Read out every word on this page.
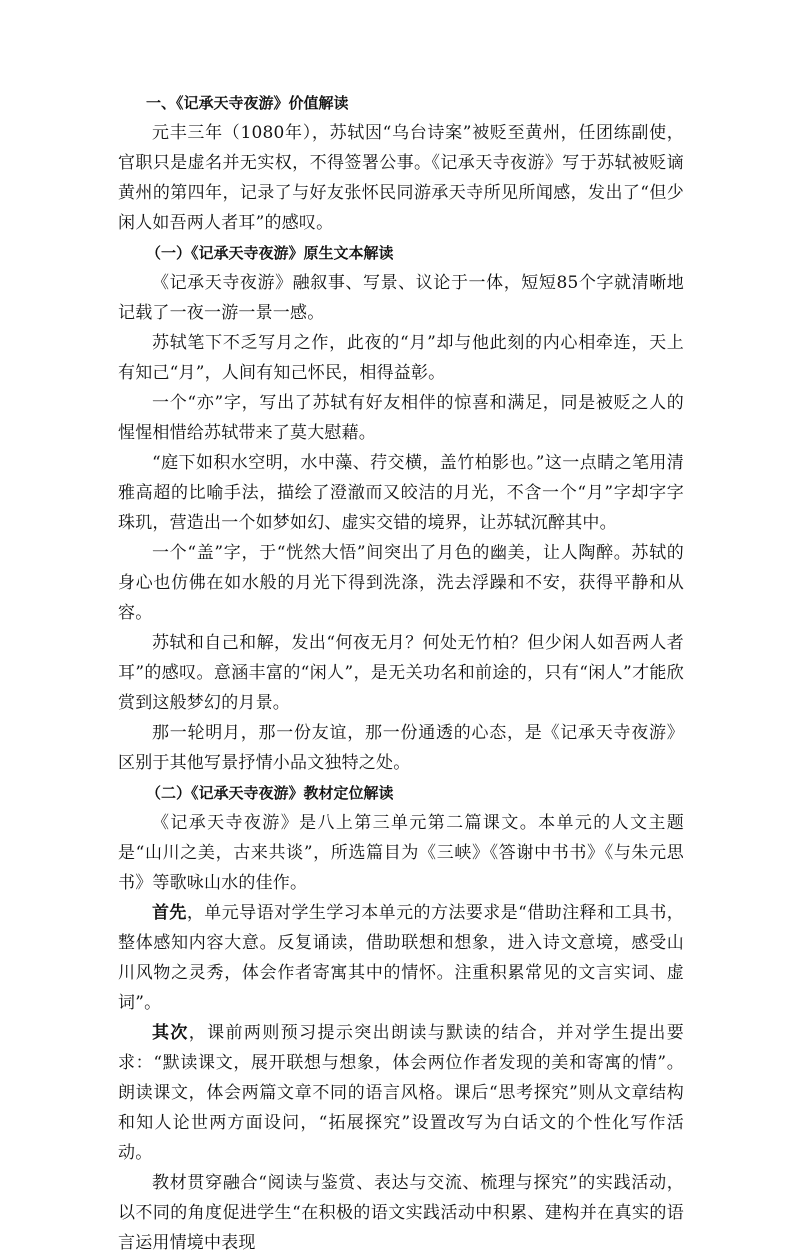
一、《记承天寺夜游》价值解读

元丰三年（1080年），苏轼因“乌台诗案”被贬至黄州，任团练副使，官职只是虚名并无实权，不得签署公事。《记承天寺夜游》写于苏轼被贬谪黄州的第四年，记录了与好友张怀民同游承天寺所见所闻感，发出了“但少闲人如吾两人者耳”的感叹。

（一）《记承天寺夜游》原生文本解读

《记承天寺夜游》融叙事、写景、议论于一体，短短85个字就清晰地记载了一夜一游一景一感。

苏轼笔下不乏写月之作，此夜的“月”却与他此刻的内心相牵连，天上有知己“月”，人间有知己怀民，相得益彰。

一个“亦”字，写出了苏轼有好友相伴的惊喜和满足，同是被贬之人的惺惺相惜给苏轼带来了莫大慰藉。

“庭下如积水空明，水中藻、荇交横，盖竹柏影也。”这一点睛之笔用清雅高超的比喻手法，描绘了澄澈而又皎洁的月光，不含一个“月”字却字字珠玑，营造出一个如梦如幻、虚实交错的境界，让苏轼沉醉其中。

一个“盖”字，于“恍然大悟”间突出了月色的幽美，让人陶醉。苏轼的身心也仿佛在如水般的月光下得到洗涤，洗去浮躁和不安，获得平静和从容。

苏轼和自己和解，发出“何夜无月？何处无竹柏？但少闲人如吾两人者耳”的感叹。意涵丰富的“闲人”，是无关功名和前途的，只有“闲人”才能欣赏到这般梦幻的月景。

那一轮明月，那一份友谊，那一份通透的心态，是《记承天寺夜游》区别于其他写景抒情小品文独特之处。

（二）《记承天寺夜游》教材定位解读

《记承天寺夜游》是八上第三单元第二篇课文。本单元的人文主题是“山川之美，古来共谈”，所选篇目为《三峡》《答谢中书书》《与朱元思书》等歌咏山水的佳作。

首先，单元导语对学生学习本单元的方法要求是“借助注释和工具书，整体感知内容大意。反复诵读，借助联想和想象，进入诗文意境，感受山川风物之灵秀，体会作者寄寓其中的情怀。注重积累常见的文言实词、虚词”。

其次，课前两则预习提示突出朗读与默读的结合，并对学生提出要求：“默读课文，展开联想与想象，体会两位作者发现的美和寄寓的情”。朗读课文，体会两篇文章不同的语言风格。课后“思考探究”则从文章结构和知人论世两方面设问，“拓展探究”设置改写为白话文的个性化写作活动。

教材贯穿融合“阅读与鉴赏、表达与交流、梳理与探究”的实践活动，以不同的角度促进学生“在积极的语文实践活动中积累、建构并在真实的语言运用情境中表现
